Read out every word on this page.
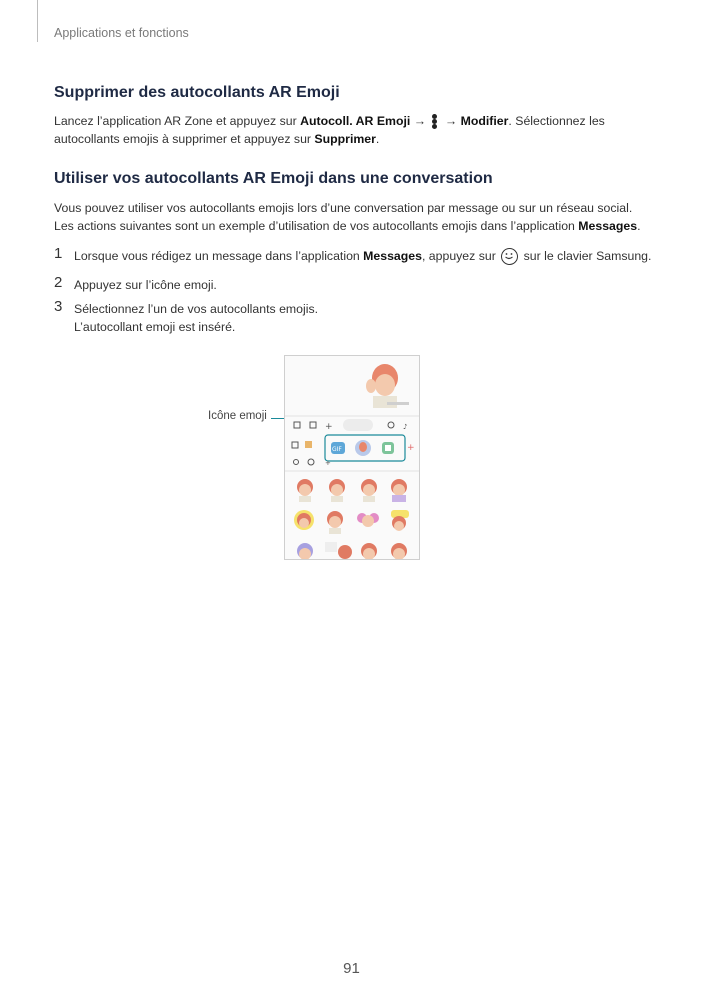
Applications et fonctions
Supprimer des autocollants AR Emoji
Lancez l’application AR Zone et appuyez sur Autocoll. AR Emoji →
→ Modifier. Sélectionnez les
autocollants emojis à supprimer et appuyez sur Supprimer.
Utiliser vos autocollants AR Emoji dans une conversation
Vous pouvez utiliser vos autocollants emojis lors d’une conversation par message ou sur un réseau social.
Les actions suivantes sont un exemple d’utilisation de vos autocollants emojis dans l’application Messages.
1 Lorsque vous rédigez un message dans l’application Messages, appuyez sur
sur le clavier Samsung.
2 Appuyez sur l’icône emoji.
3 Sélectionnez l’un de vos autocollants emojis.
L’autocollant emoji est inséré.
Icône emoji
+	♪
GIF	+
+
91
